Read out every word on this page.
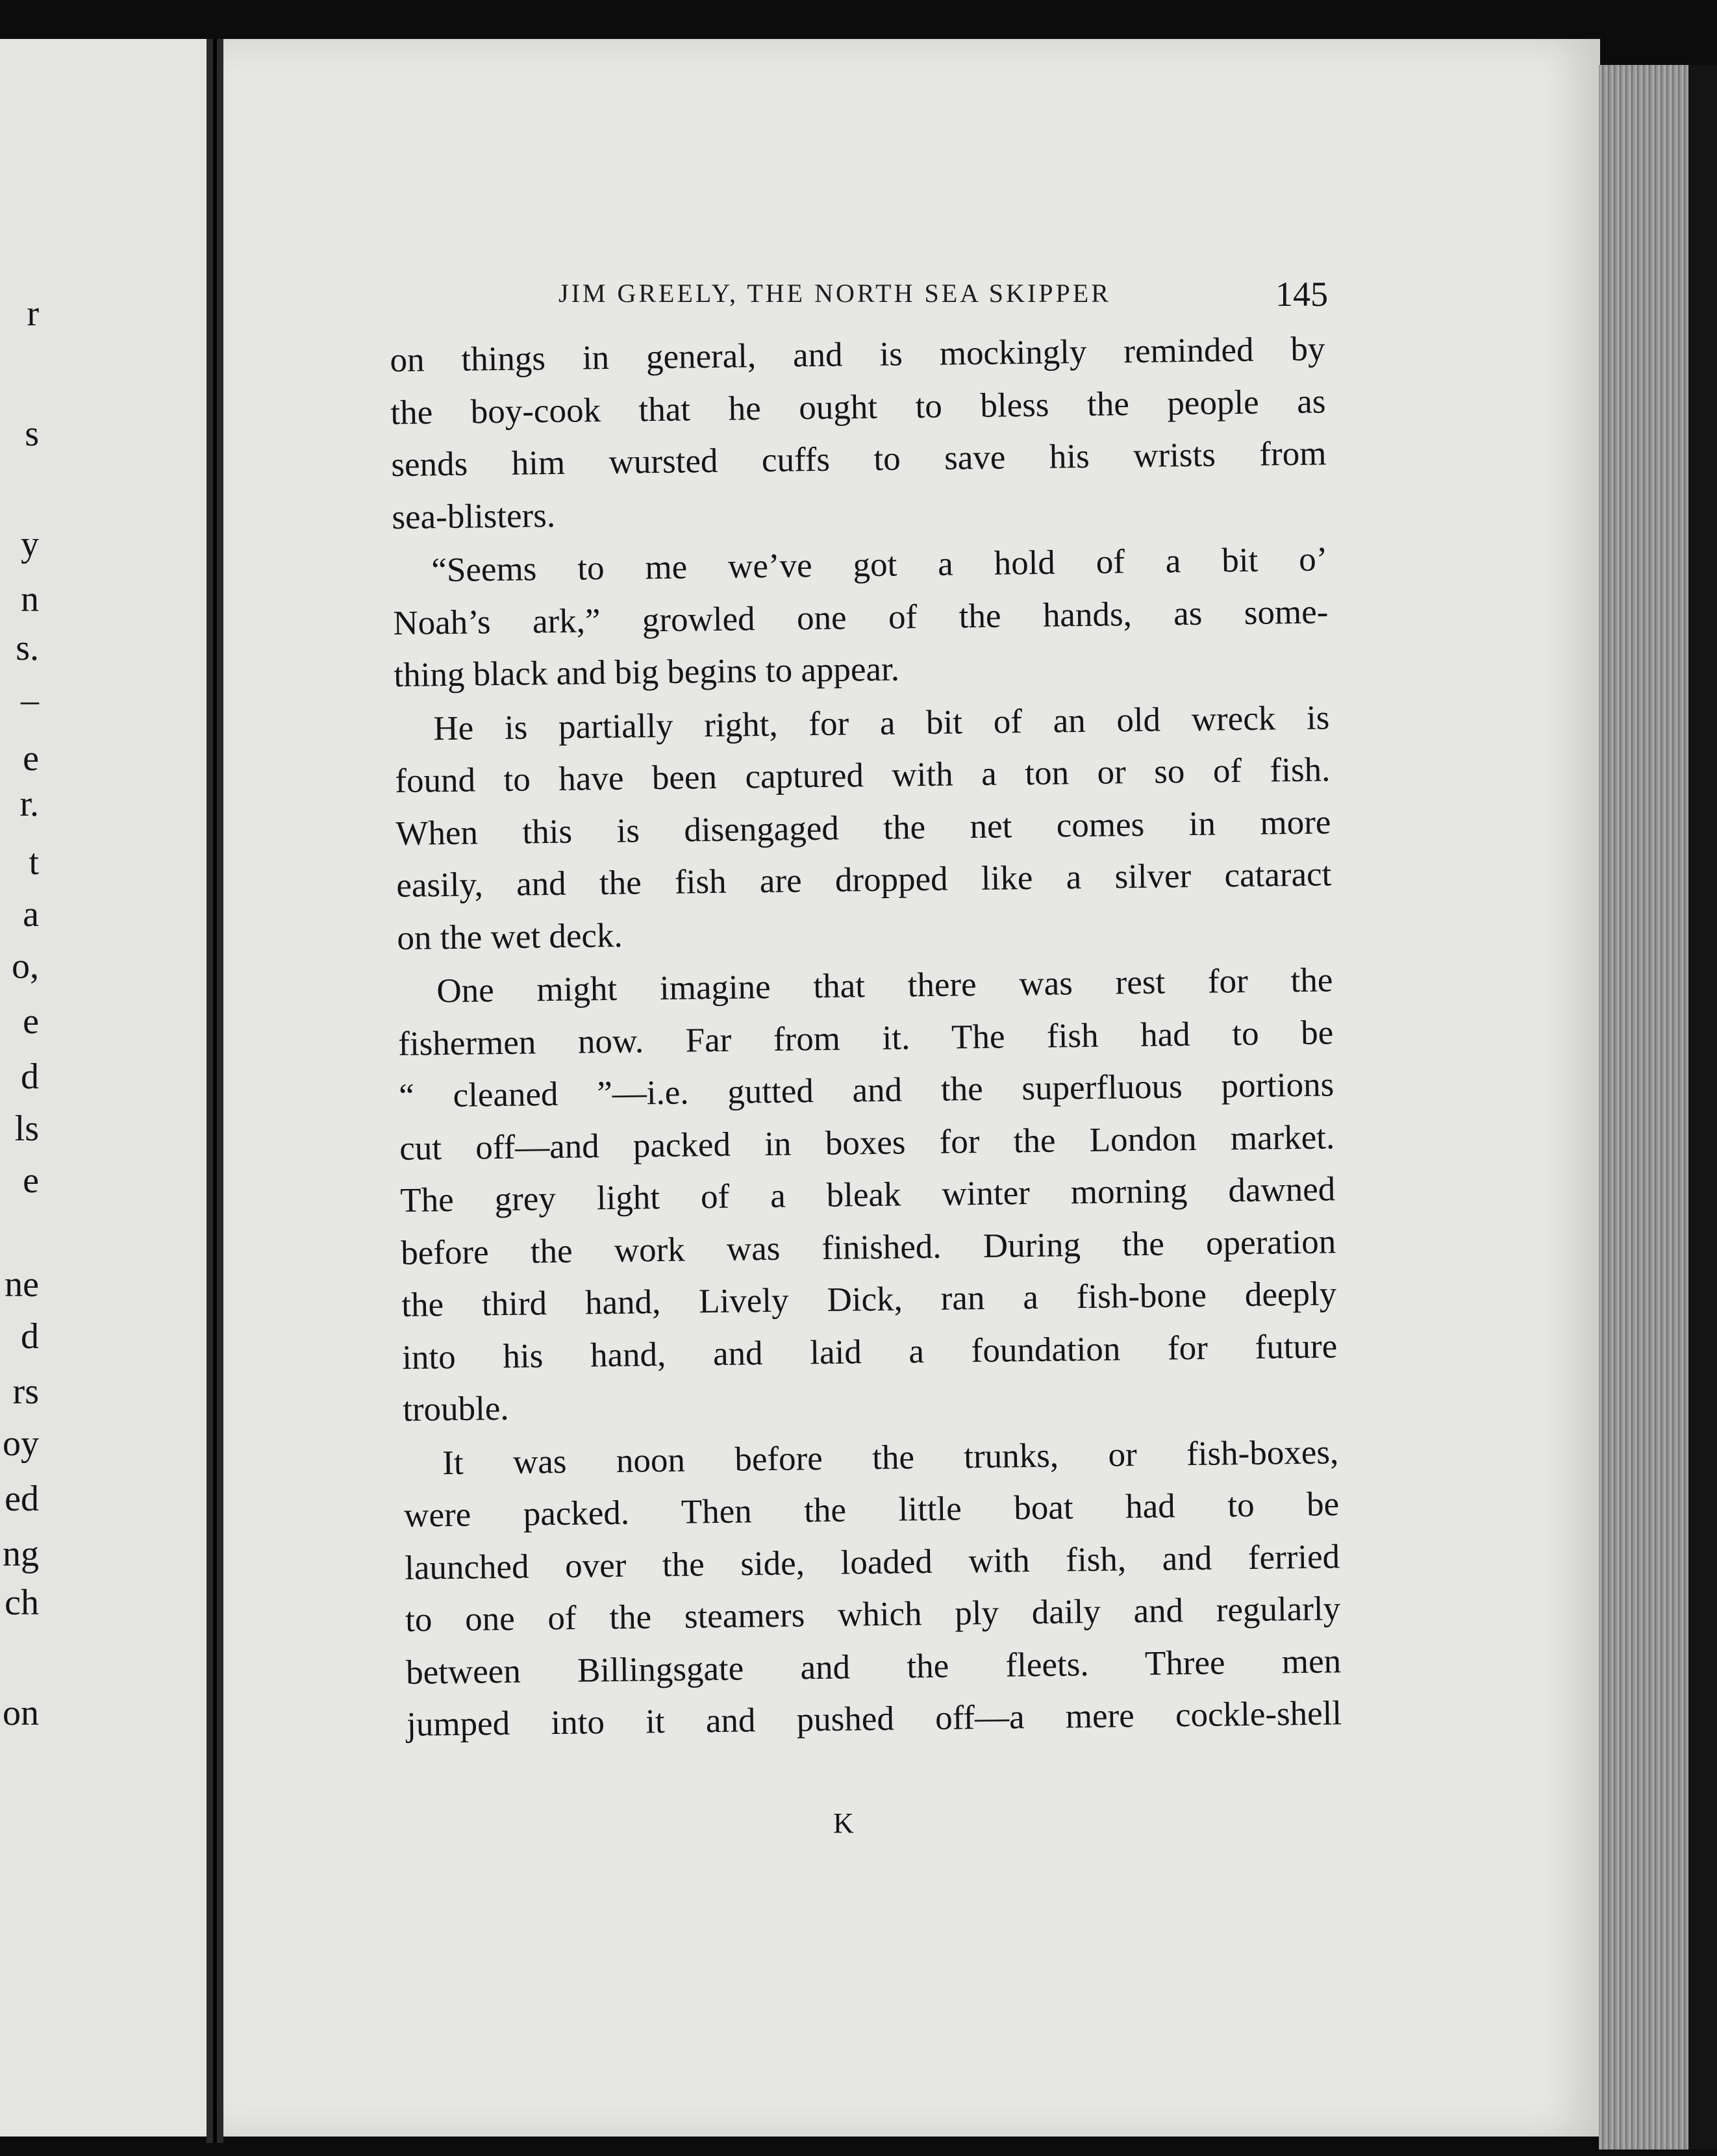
r
s
y
n
s.
–
e
r.
t
a
o,
e
d
ls
e
ne
d
rs
oy
ed
ng
ch
on
JIM GREELY, THE NORTH SEA SKIPPER	145
on things in general, and is mockingly reminded by
the boy-cook that he ought to bless the people as
sends him wursted cuffs to save his wrists from
sea-blisters.
“Seems to me we’ve got a hold of a bit o’
Noah’s ark,” growled one of the hands, as some-
thing black and big begins to appear.
He is partially right, for a bit of an old wreck is
found to have been captured with a ton or so of fish.
When this is disengaged the net comes in more
easily, and the fish are dropped like a silver cataract
on the wet deck.
One might imagine that there was rest for the
fishermen now. Far from it. The fish had to be
“ cleaned ”—i.e. gutted and the superfluous portions
cut off—and packed in boxes for the London market.
The grey light of a bleak winter morning dawned
before the work was finished. During the operation
the third hand, Lively Dick, ran a fish-bone deeply
into his hand, and laid a foundation for future
trouble.
It was noon before the trunks, or fish-boxes,
were packed. Then the little boat had to be
launched over the side, loaded with fish, and ferried
to one of the steamers which ply daily and regularly
between Billingsgate and the fleets. Three men
jumped into it and pushed off—a mere cockle-shell
K
